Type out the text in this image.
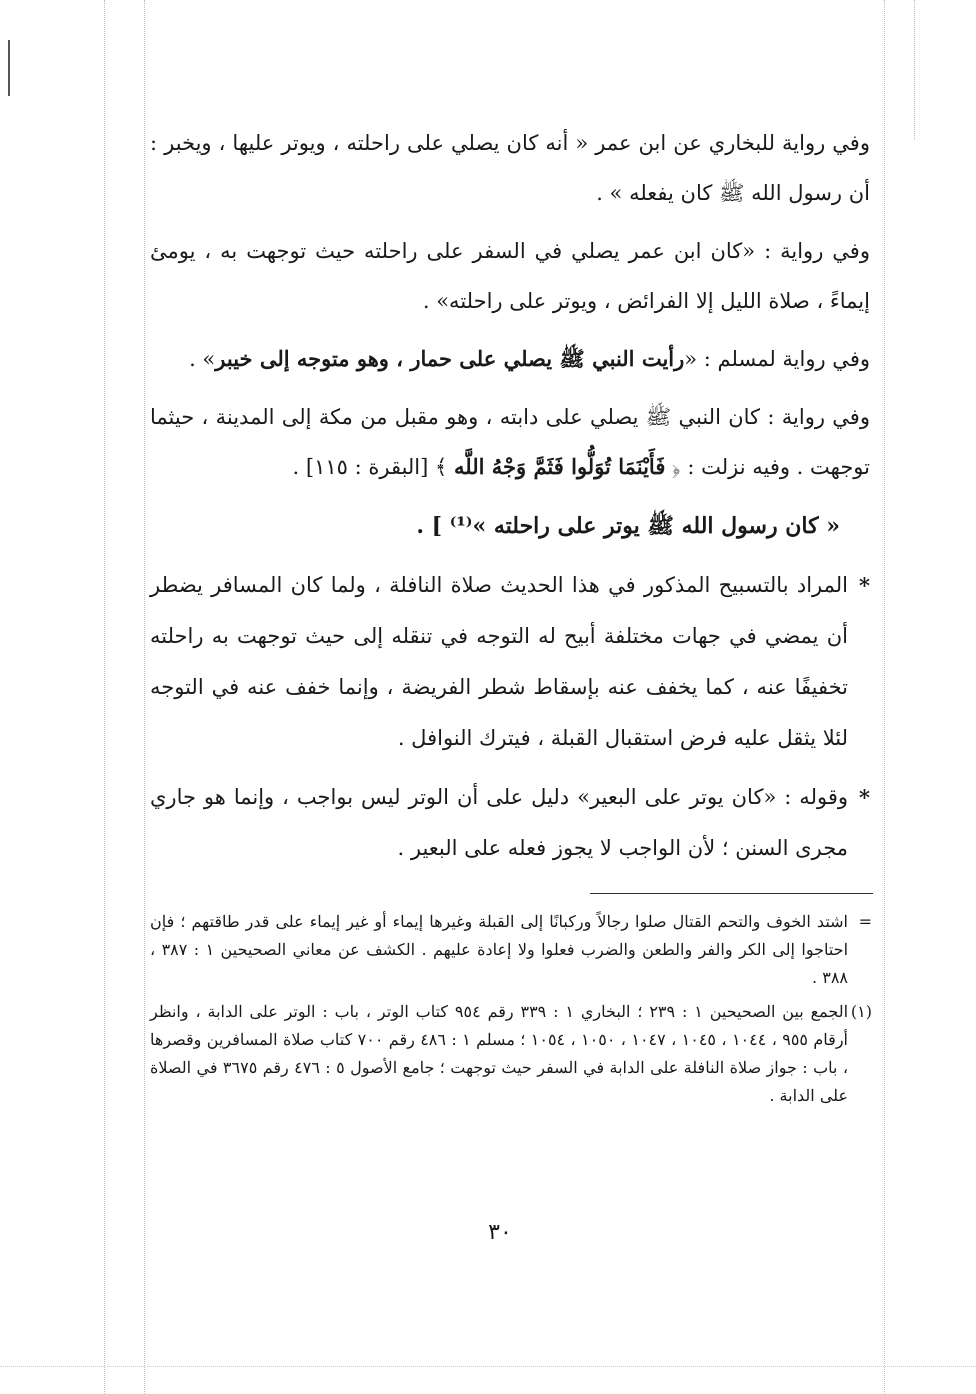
وفي رواية للبخاري عن ابن عمر « أنه كان يصلي على راحلته ، ويوتر عليها ، ويخبر : أن رسول الله ﷺ كان يفعله » .

وفي رواية : «كان ابن عمر يصلي في السفر على راحلته حيث توجهت به ، يومئ إيماءً ، صلاة الليل إلا الفرائض ، ويوتر على راحلته» .

وفي رواية لمسلم : «رأيت النبي ﷺ يصلي على حمار ، وهو متوجه إلى خيبر» .

وفي رواية : كان النبي ﷺ يصلي على دابته ، وهو مقبل من مكة إلى المدينة ، حيثما توجهت . وفيه نزلت : ﴿ فَأَيْنَمَا تُوَلُّوا فَثَمَّ وَجْهُ اللَّه ﴾ [البقرة : ١١٥] .

« كان رسول الله ﷺ يوتر على راحلته »⁽¹⁾ ] .

*
المراد بالتسبيح المذكور في هذا الحديث صلاة النافلة ، ولما كان المسافر يضطر أن يمضي في جهات مختلفة أبيح له التوجه في تنقله إلى حيث توجهت به راحلته تخفيفًا عنه ، كما يخفف عنه بإسقاط شطر الفريضة ، وإنما خفف عنه في التوجه لئلا يثقل عليه فرض استقبال القبلة ، فيترك النوافل .

*
وقوله : «كان يوتر على البعير» دليل على أن الوتر ليس بواجب ، وإنما هو جاري مجرى السنن ؛ لأن الواجب لا يجوز فعله على البعير .

=
اشتد الخوف والتحم القتال صلوا رجالاً وركبانًا إلى القبلة وغيرها إيماء أو غير إيماء على قدر طاقتهم ؛ فإن احتاجوا إلى الكر والفر والطعن والضرب فعلوا ولا إعادة عليهم . الكشف عن معاني الصحيحين ١ : ٣٨٧ ، ٣٨٨ .

(١)
الجمع بين الصحيحين ١ : ٢٣٩ ؛ البخاري ١ : ٣٣٩ رقم ٩٥٤ كتاب الوتر ، باب : الوتر على الدابة ، وانظر أرقام ٩٥٥ ، ١٠٤٤ ، ١٠٤٥ ، ١٠٤٧ ، ١٠٥٠ ، ١٠٥٤ ؛ مسلم ١ : ٤٨٦ رقم ٧٠٠ كتاب صلاة المسافرين وقصرها ، باب : جواز صلاة النافلة على الدابة في السفر حيث توجهت ؛ جامع الأصول ٥ : ٤٧٦ رقم ٣٦٧٥ في الصلاة على الدابة .

٣٠
